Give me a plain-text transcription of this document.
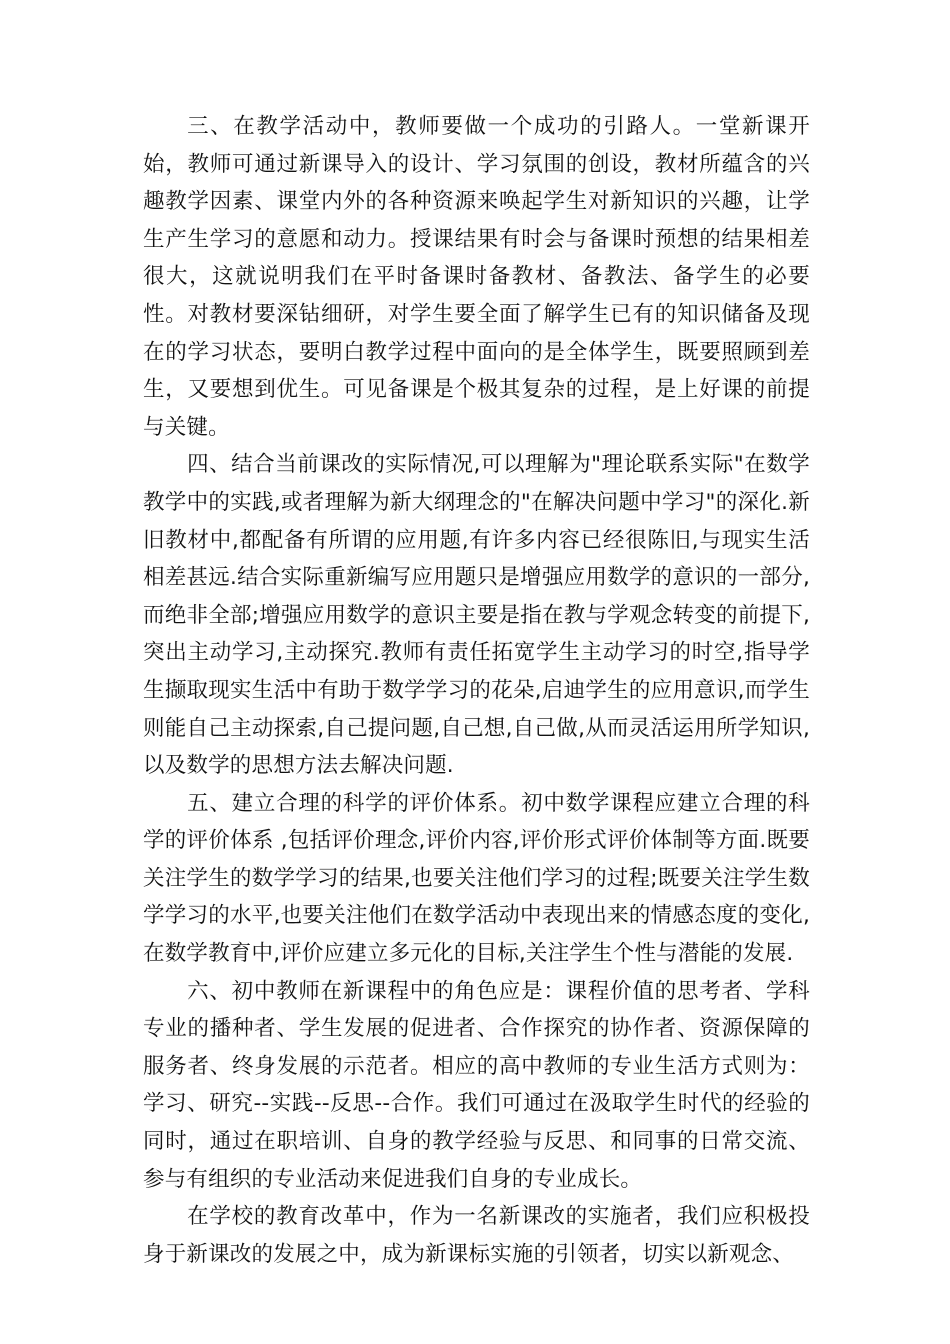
三、在教学活动中，教师要做一个成功的引路人。一堂新课开始，教师可通过新课导入的设计、学习氛围的创设，教材所蕴含的兴趣教学因素、课堂内外的各种资源来唤起学生对新知识的兴趣，让学生产生学习的意愿和动力。授课结果有时会与备课时预想的结果相差很大，这就说明我们在平时备课时备教材、备教法、备学生的必要性。对教材要深钻细研，对学生要全面了解学生已有的知识储备及现在的学习状态，要明白教学过程中面向的是全体学生，既要照顾到差生，又要想到优生。可见备课是个极其复杂的过程，是上好课的前提与关键。

四、结合当前课改的实际情况,可以理解为"理论联系实际"在数学教学中的实践,或者理解为新大纲理念的"在解决问题中学习"的深化.新旧教材中,都配备有所谓的应用题,有许多内容已经很陈旧,与现实生活相差甚远.结合实际重新编写应用题只是增强应用数学的意识的一部分,而绝非全部;增强应用数学的意识主要是指在教与学观念转变的前提下,突出主动学习,主动探究.教师有责任拓宽学生主动学习的时空,指导学生撷取现实生活中有助于数学学习的花朵,启迪学生的应用意识,而学生则能自己主动探索,自己提问题,自己想,自己做,从而灵活运用所学知识,以及数学的思想方法去解决问题.

五、建立合理的科学的评价体系。初中数学课程应建立合理的科学的评价体系 ,包括评价理念,评价内容,评价形式评价体制等方面.既要关注学生的数学学习的结果,也要关注他们学习的过程;既要关注学生数学学习的水平,也要关注他们在数学活动中表现出来的情感态度的变化,在数学教育中,评价应建立多元化的目标,关注学生个性与潜能的发展.

六、初中教师在新课程中的角色应是：课程价值的思考者、学科专业的播种者、学生发展的促进者、合作探究的协作者、资源保障的服务者、终身发展的示范者。相应的高中教师的专业生活方式则为：学习、研究--实践--反思--合作。我们可通过在汲取学生时代的经验的同时，通过在职培训、自身的教学经验与反思、和同事的日常交流、参与有组织的专业活动来促进我们自身的专业成长。

在学校的教育改革中，作为一名新课改的实施者，我们应积极投身于新课改的发展之中，成为新课标实施的引领者，切实以新观念、
